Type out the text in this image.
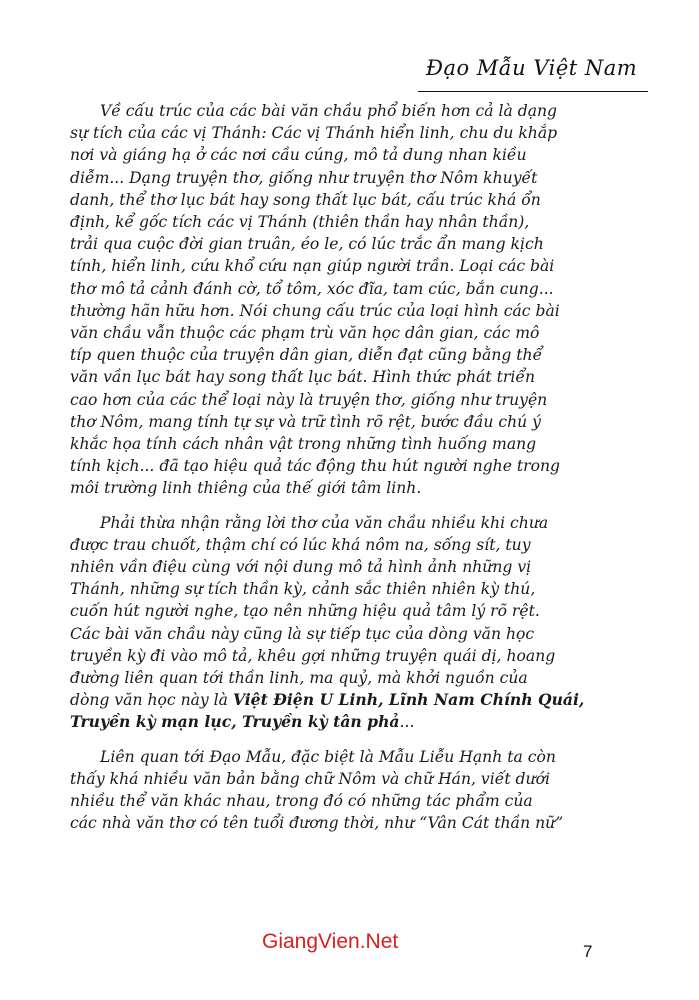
Đạo Mẫu Việt Nam
Về cấu trúc của các bài văn chầu phổ biến hơn cả là dạng
sự tích của các vị Thánh: Các vị Thánh hiển linh, chu du khắp
nơi và giáng hạ ở các nơi cầu cúng, mô tả dung nhan kiều
diễm... Dạng truyện thơ, giống như truyện thơ Nôm khuyết
danh, thể thơ lục bát hay song thất lục bát, cấu trúc khá ổn
định, kể gốc tích các vị Thánh (thiên thần hay nhân thần),
trải qua cuộc đời gian truân, éo le, có lúc trắc ẩn mang kịch
tính, hiển linh, cứu khổ cứu nạn giúp người trần. Loại các bài
thơ mô tả cảnh đánh cờ, tổ tôm, xóc đĩa, tam cúc, bắn cung...
thường hãn hữu hơn. Nói chung cấu trúc của loại hình các bài
văn chầu vẫn thuộc các phạm trù văn học dân gian, các mô
típ quen thuộc của truyện dân gian, diễn đạt cũng bằng thể
văn vần lục bát hay song thất lục bát. Hình thức phát triển
cao hơn của các thể loại này là truyện thơ, giống như truyện
thơ Nôm, mang tính tự sự và trữ tình rõ rệt, bước đầu chú ý
khắc họa tính cách nhân vật trong những tình huống mang
tính kịch... đã tạo hiệu quả tác động thu hút người nghe trong
môi trường linh thiêng của thế giới tâm linh.
Phải thừa nhận rằng lời thơ của văn chầu nhiều khi chưa
được trau chuốt, thậm chí có lúc khá nôm na, sống sít, tuy
nhiên vần điệu cùng với nội dung mô tả hình ảnh những vị
Thánh, những sự tích thần kỳ, cảnh sắc thiên nhiên kỳ thú,
cuốn hút người nghe, tạo nên những hiệu quả tâm lý rõ rệt.
Các bài văn chầu này cũng là sự tiếp tục của dòng văn học
truyền kỳ đi vào mô tả, khêu gợi những truyện quái dị, hoang
đường liên quan tới thần linh, ma quỷ, mà khởi nguồn của
dòng văn học này là Việt Điện U Linh, Lĩnh Nam Chính Quái,
Truyền kỳ mạn lục, Truyền kỳ tân phả...
Liên quan tới Đạo Mẫu, đặc biệt là Mẫu Liễu Hạnh ta còn
thấy khá nhiều văn bản bằng chữ Nôm và chữ Hán, viết dưới
nhiều thể văn khác nhau, trong đó có những tác phẩm của
các nhà văn thơ có tên tuổi đương thời, như “Vân Cát thần nữ”
GiangVien.Net	7
